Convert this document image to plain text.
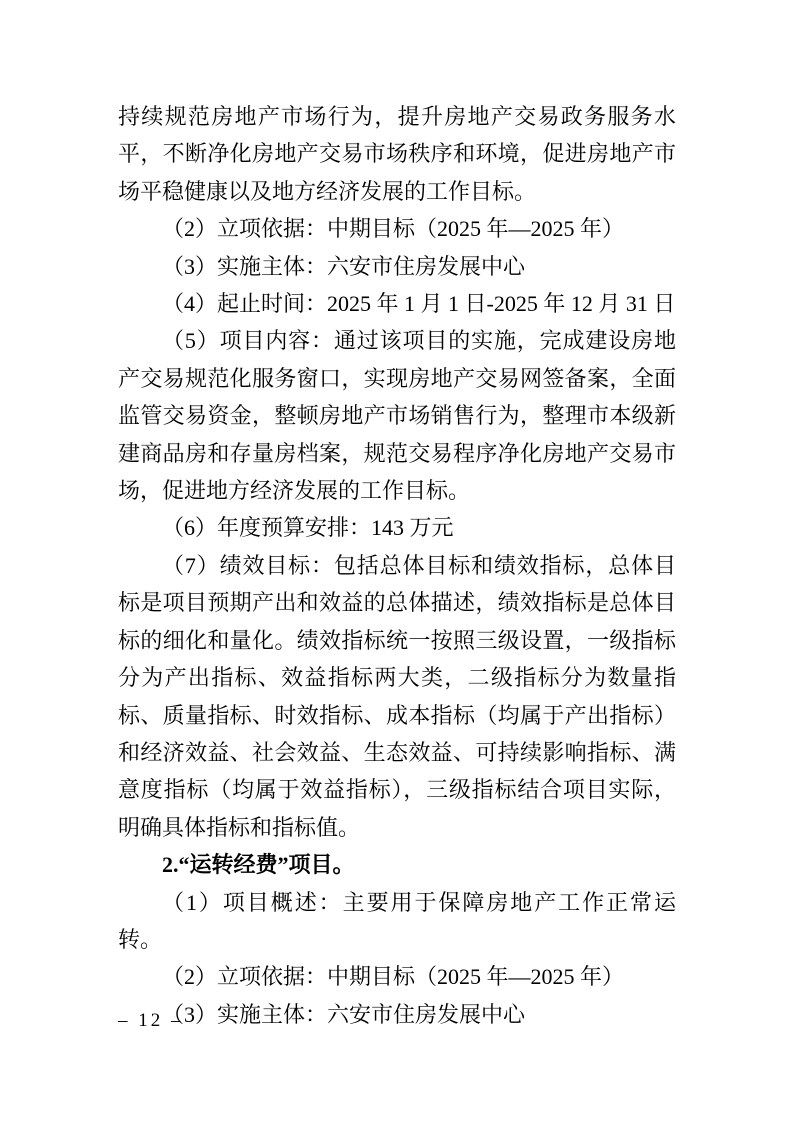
持续规范房地产市场行为，提升房地产交易政务服务水平，不断净化房地产交易市场秩序和环境，促进房地产市场平稳健康以及地方经济发展的工作目标。

（2）立项依据：中期目标（2025 年—2025 年）

（3）实施主体：六安市住房发展中心

（4）起止时间：2025 年 1 月 1 日-2025 年 12 月 31 日

（5）项目内容：通过该项目的实施，完成建设房地产交易规范化服务窗口，实现房地产交易网签备案，全面监管交易资金，整顿房地产市场销售行为，整理市本级新建商品房和存量房档案，规范交易程序净化房地产交易市场，促进地方经济发展的工作目标。

（6）年度预算安排：143 万元

（7）绩效目标：包括总体目标和绩效指标，总体目标是项目预期产出和效益的总体描述，绩效指标是总体目标的细化和量化。绩效指标统一按照三级设置，一级指标分为产出指标、效益指标两大类，二级指标分为数量指标、质量指标、时效指标、成本指标（均属于产出指标）和经济效益、社会效益、生态效益、可持续影响指标、满意度指标（均属于效益指标），三级指标结合项目实际，明确具体指标和指标值。

2.“运转经费”项目。

（1）项目概述：主要用于保障房地产工作正常运转。

（2）立项依据：中期目标（2025 年—2025 年）

（3）实施主体：六安市住房发展中心

– 12 –
